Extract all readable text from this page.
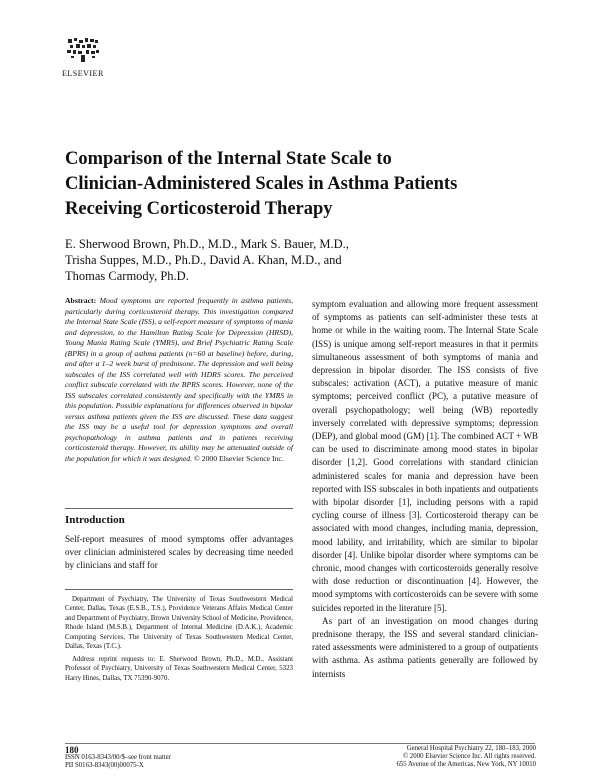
ELSEVIER
Comparison of the Internal State Scale to
Clinician-Administered Scales in Asthma Patients
Receiving Corticosteroid Therapy
E. Sherwood Brown, Ph.D., M.D., Mark S. Bauer, M.D.,
Trisha Suppes, M.D., Ph.D., David A. Khan, M.D., and
Thomas Carmody, Ph.D.

Abstract: Mood symptoms are reported frequently in asthma patients, particularly during corticosteroid therapy. This investigation compared the Internal State Scale (ISS), a self-report measure of symptoms of mania and depression, to the Hamilton Rating Scale for Depression (HRSD), Young Mania Rating Scale (YMRS), and Brief Psychiatric Rating Scale (BPRS) in a group of asthma patients (n=60 at baseline) before, during, and after a 1–2 week burst of prednisone. The depression and well being subscales of the ISS correlated well with HDRS scores. The perceived conflict subscale correlated with the BPRS scores. However, none of the ISS subscales correlated consistently and specifically with the YMRS in this population. Possible explanations for differences observed in bipolar versus asthma patients given the ISS are discussed. These data suggest the ISS may be a useful tool for depression symptoms and overall psychopathology in asthma patients and in patients receiving corticosteroid therapy. However, its ability may be attenuated outside of the population for which it was designed. © 2000 Elsevier Science Inc.

Introduction

Self-report measures of mood symptoms offer advantages over clinician administered scales by decreasing time needed by clinicians and staff for

Department of Psychiatry, The University of Texas Southwestern Medical Center, Dallas, Texas (E.S.B., T.S.), Providence Veterans Affairs Medical Center and Department of Psychiatry, Brown University School of Medicine, Providence, Rhode Island (M.S.B.), Department of Internal Medicine (D.A.K.), Academic Computing Services, The University of Texas Southwestern Medical Center, Dallas, Texas (T.C.).

Address reprint requests to: E. Sherwood Brown, Ph.D., M.D., Assistant Professor of Psychiatry, University of Texas Southwestern Medical Center, 5323 Harry Hines, Dallas, TX 75390-9070.

symptom evaluation and allowing more frequent assessment of symptoms as patients can self-administer these tests at home or while in the waiting room. The Internal State Scale (ISS) is unique among self-report measures in that it permits simultaneous assessment of both symptoms of mania and depression in bipolar disorder. The ISS consists of five subscales: activation (ACT), a putative measure of manic symptoms; perceived conflict (PC), a putative measure of overall psychopathology; well being (WB) reportedly inversely correlated with depressive symptoms; depression (DEP), and global mood (GM) [1]. The combined ACT + WB can be used to discriminate among mood states in bipolar disorder [1,2]. Good correlations with standard clinician administered scales for mania and depression have been reported with ISS subscales in both inpatients and outpatients with bipolar disorder [1], including persons with a rapid cycling course of illness [3]. Corticosteroid therapy can be associated with mood changes, including mania, depression, mood lability, and irritability, which are similar to bipolar disorder [4]. Unlike bipolar disorder where symptoms can be chronic, mood changes with corticosteroids generally resolve with dose reduction or discontinuation [4]. However, the mood symptoms with corticosteroids can be severe with some suicides reported in the literature [5].

As part of an investigation on mood changes during prednisone therapy, the ISS and several standard clinician-rated assessments were administered to a group of outpatients with asthma. As asthma patients generally are followed by internists

180
ISSN 0163-8343/00/$–see front matter
PII S0163-8343(00)00075-X
General Hospital Psychiatry 22, 180–183, 2000
© 2000 Elsevier Science Inc. All rights reserved.
655 Avenue of the Americas, New York, NY 10010
